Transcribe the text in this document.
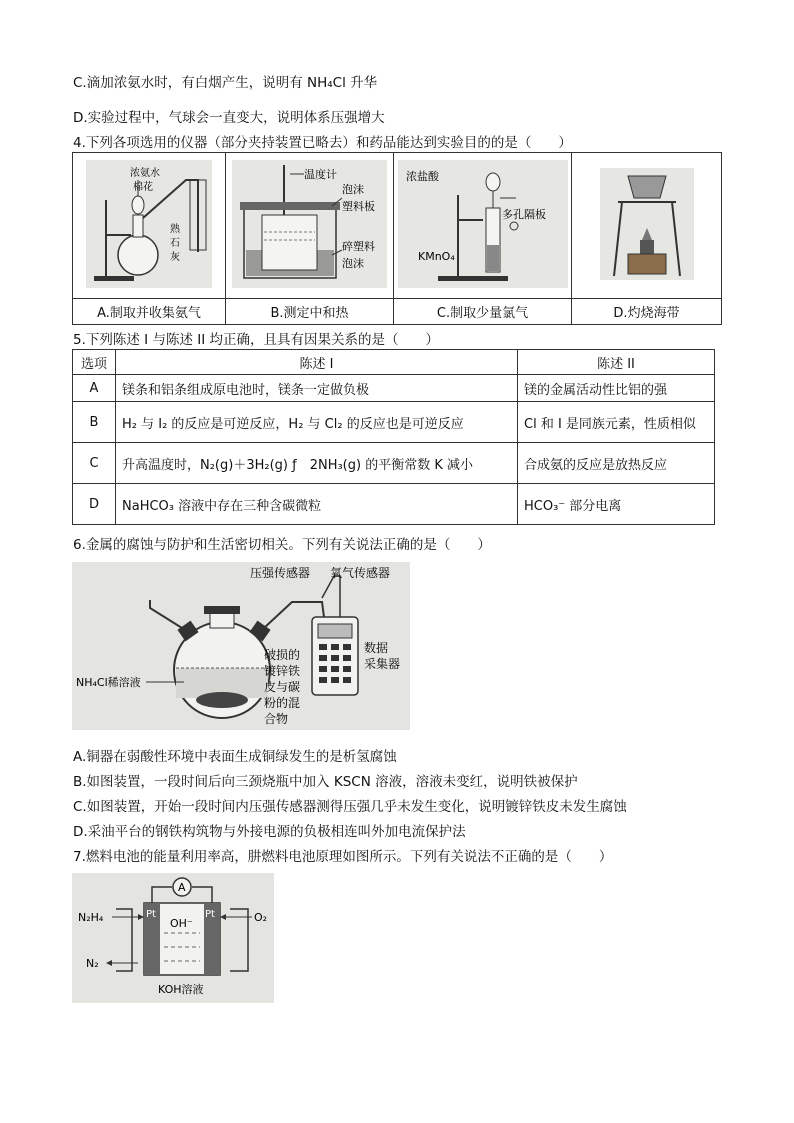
C.滴加浓氨水时，有白烟产生，说明有 NH₄Cl 升华
D.实验过程中，气球会一直变大，说明体系压强增大
4.下列各项选用的仪器（部分夹持装置已略去）和药品能达到实验目的的是（　　）
浓氨水
棉花
熟
石
灰	温度计
泡沫
塑料板
碎塑料
泡沫	浓盐酸
多孔隔板
KMnO₄

A.制取并收集氨气	B.测定中和热	C.制取少量氯气	D.灼烧海带
5.下列陈述 I 与陈述 II 均正确，且具有因果关系的是（　　）
选项	陈述 I	陈述 II
A	镁条和铝条组成原电池时，镁条一定做负极	镁的金属活动性比铝的强
B	H₂ 与 I₂ 的反应是可逆反应，H₂ 与 Cl₂ 的反应也是可逆反应	Cl 和 I 是同族元素，性质相似
C	升高温度时，N₂(g)＋3H₂(g) ƒ　2NH₃(g) 的平衡常数 K 减小	合成氨的反应是放热反应
D	NaHCO₃ 溶液中存在三种含碳微粒	HCO₃⁻ 部分电离
6.金属的腐蚀与防护和生活密切相关。下列有关说法正确的是（　　）
压强传感器 氧气传感器
数据
采集器
破损的
镀锌铁
皮与碳
粉的混
合物
NH₄Cl稀溶液
A.铜器在弱酸性环境中表面生成铜绿发生的是析氢腐蚀
B.如图装置，一段时间后向三颈烧瓶中加入 KSCN 溶液，溶液未变红，说明铁被保护
C.如图装置，开始一段时间内压强传感器测得压强几乎未发生变化，说明镀锌铁皮未发生腐蚀
D.采油平台的钢铁构筑物与外接电源的负极相连叫外加电流保护法
7.燃料电池的能量利用率高，肼燃料电池原理如图所示。下列有关说法不正确的是（　　）
A
N₂H₄	O₂
N₂
Pt	Pt
OH⁻
KOH溶液
